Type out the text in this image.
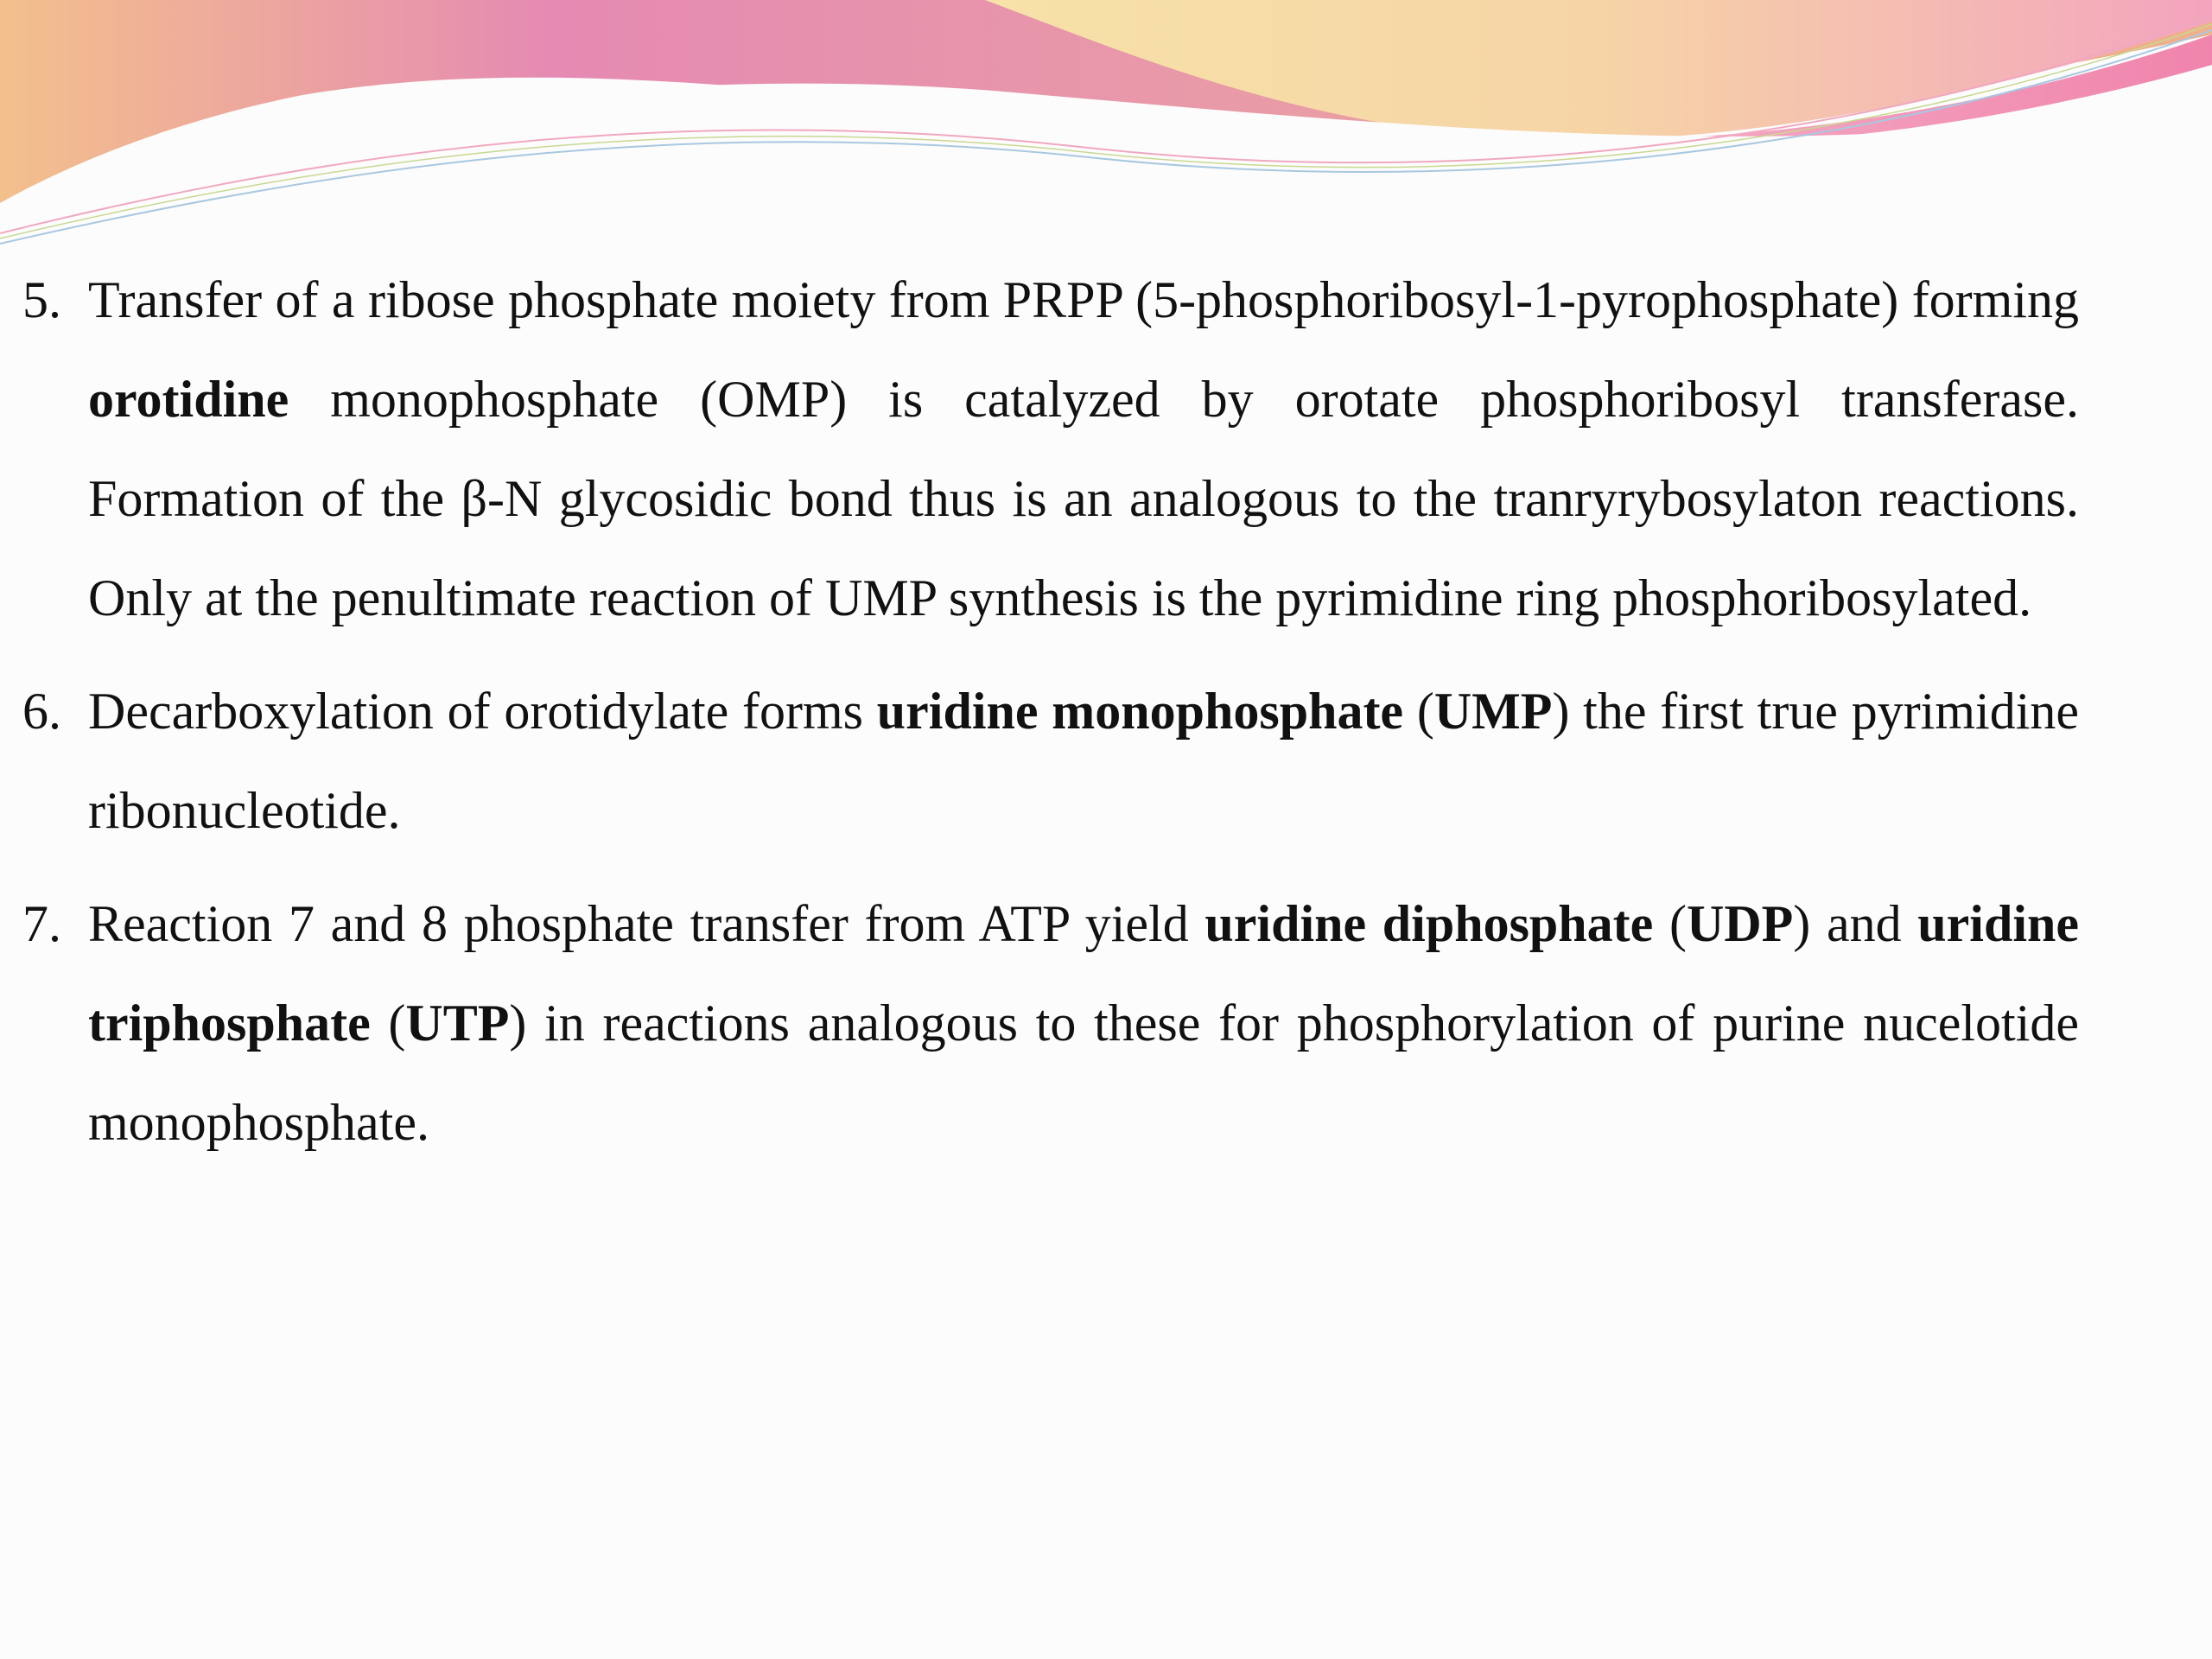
5. Transfer of a ribose phosphate moiety from PRPP (5-phosphoribosyl-1-pyrophosphate) forming orotidine monophosphate (OMP) is catalyzed by orotate phosphoribosyl transferase. Formation of the β-N glycosidic bond thus is an analogous to the tranryrybosylaton reactions. Only at the penultimate reaction of UMP synthesis is the pyrimidine ring phosphoribosylated.

6. Decarboxylation of orotidylate forms uridine monophosphate (UMP) the first true pyrimidine ribonucleotide.

7. Reaction 7 and 8 phosphate transfer from ATP yield uridine diphosphate (UDP) and uridine triphosphate (UTP) in reactions analogous to these for phosphorylation of purine nucelotide monophosphate.
